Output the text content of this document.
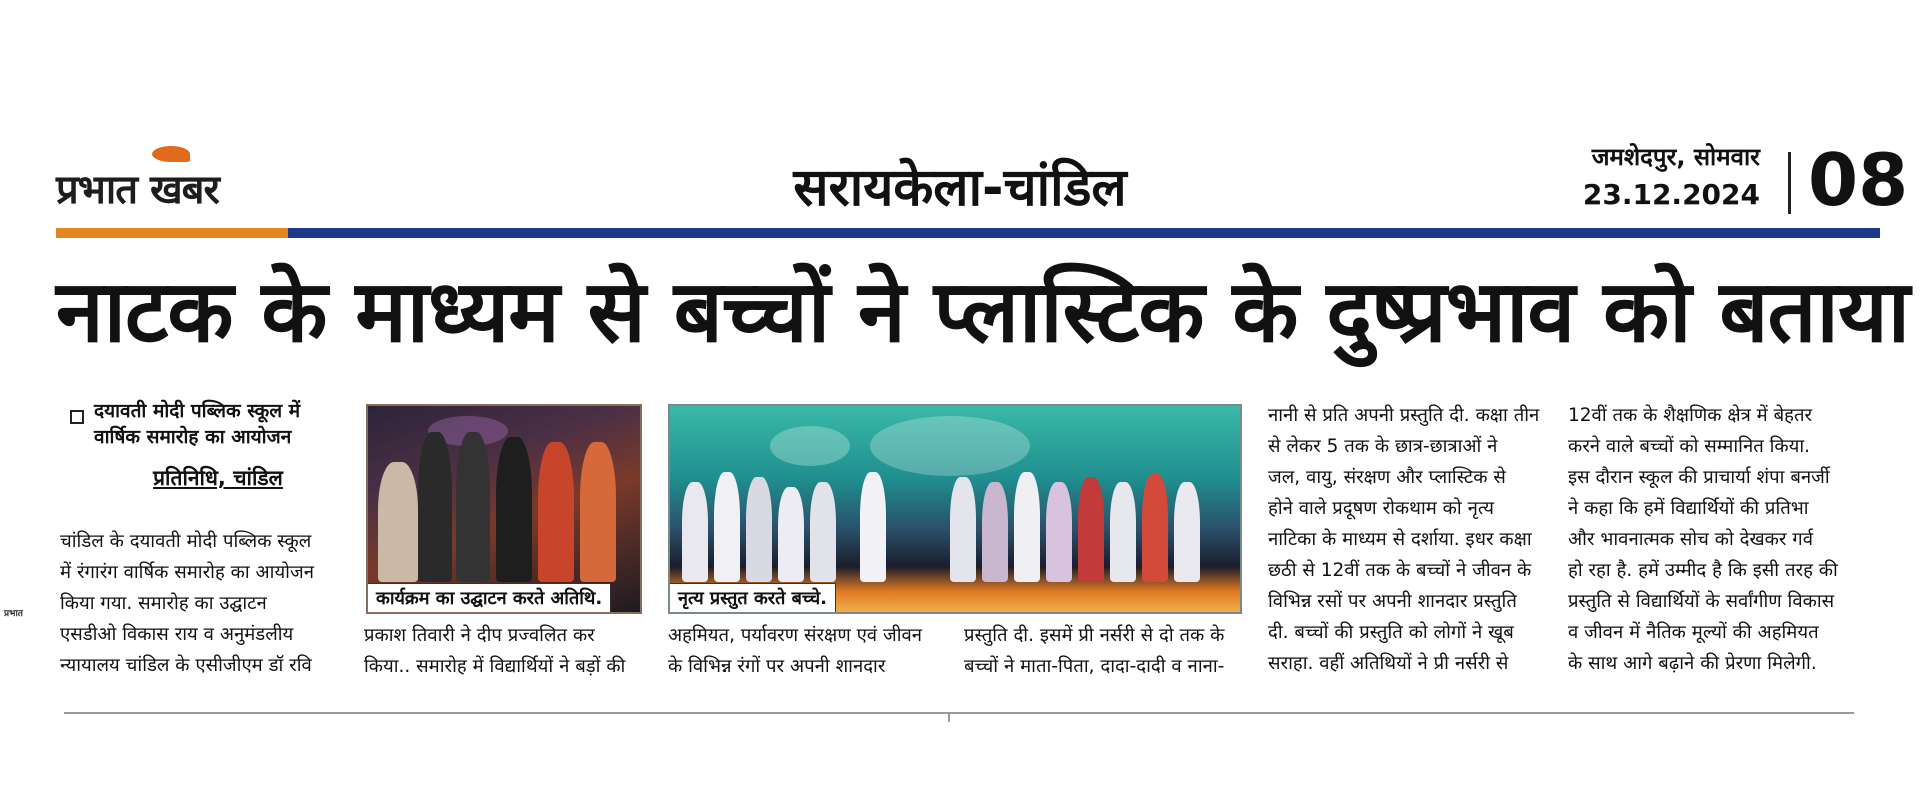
प्रभात खबर	सरायकेला-चांडिल
जमशेदपुर, सोमवार
23.12.2024 08
नाटक के माध्यम से बच्चों ने प्लास्टिक के दुष्प्रभाव को बताया
दयावती मोदी पब्लिक स्कूल में
वार्षिक समारोह का आयोजन
प्रतिनिधि, चांडिल
कार्यक्रम का उद्घाटन करते अतिथि.	नृत्य प्रस्तुत करते बच्चे.
चांडिल के दयावती मोदी पब्लिक स्कूल
में रंगारंग वार्षिक समारोह का आयोजन
किया गया. समारोह का उद्घाटन
एसडीओ विकास राय व अनुमंडलीय
न्यायालय चांडिल के एसीजीएम डॉ रवि
प्रकाश तिवारी ने दीप प्रज्वलित कर
किया.. समारोह में विद्यार्थियों ने बड़ों की
अहमियत, पर्यावरण संरक्षण एवं जीवन
के विभिन्न रंगों पर अपनी शानदार
प्रस्तुति दी. इसमें प्री नर्सरी से दो तक के
बच्चों ने माता-पिता, दादा-दादी व नाना-
नानी से प्रति अपनी प्रस्तुति दी. कक्षा तीन
से लेकर 5 तक के छात्र-छात्राओं ने
जल, वायु, संरक्षण और प्लास्टिक से
होने वाले प्रदूषण रोकथाम को नृत्य
नाटिका के माध्यम से दर्शाया. इधर कक्षा
छठी से 12वीं तक के बच्चों ने जीवन के
विभिन्न रसों पर अपनी शानदार प्रस्तुति
दी. बच्चों की प्रस्तुति को लोगों ने खूब
सराहा. वहीं अतिथियों ने प्री नर्सरी से
12वीं तक के शैक्षणिक क्षेत्र में बेहतर
करने वाले बच्चों को सम्मानित किया.
इस दौरान स्कूल की प्राचार्या शंपा बनर्जी
ने कहा कि हमें विद्यार्थियों की प्रतिभा
और भावनात्मक सोच को देखकर गर्व
हो रहा है. हमें उम्मीद है कि इसी तरह की
प्रस्तुति से विद्यार्थियों के सर्वांगीण विकास
व जीवन में नैतिक मूल्यों की अहमियत
के साथ आगे बढ़ाने की प्रेरणा मिलेगी.
प्रभात
